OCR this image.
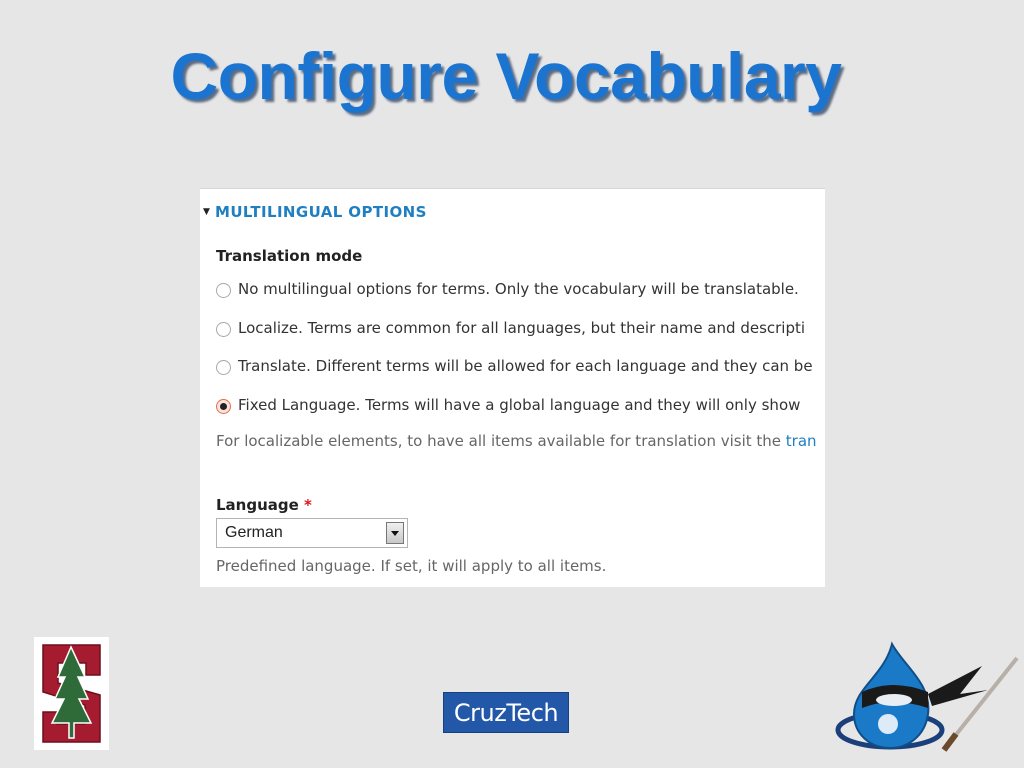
Configure Vocabulary
▼ MULTILINGUAL OPTIONS
Translation mode
No multilingual options for terms. Only the vocabulary will be translatable.
Localize. Terms are common for all languages, but their name and descripti
Translate. Different terms will be allowed for each language and they can be
Fixed Language. Terms will have a global language and they will only show
For localizable elements, to have all items available for translation visit the tran
Language *
German
Predefined language. If set, it will apply to all items.
CruzTech
